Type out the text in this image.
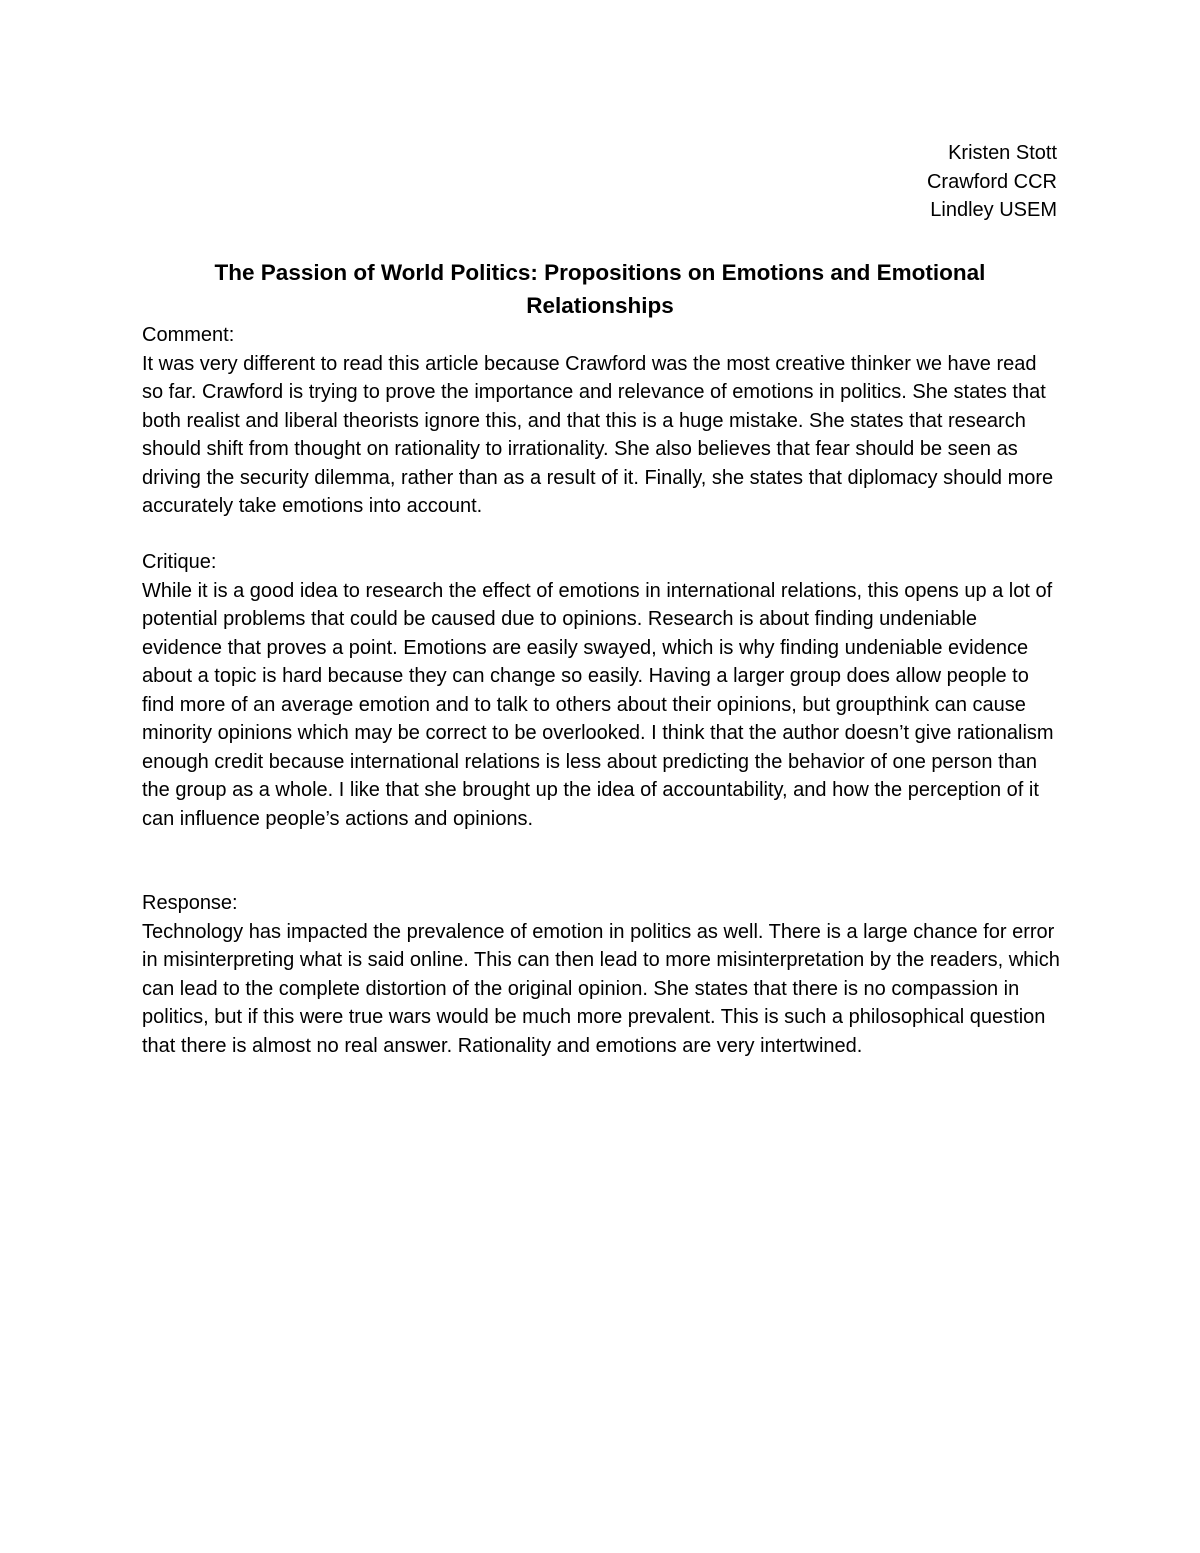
Kristen Stott
Crawford CCR
Lindley USEM
The Passion of World Politics: Propositions on Emotions and Emotional Relationships

Comment:

It was very different to read this article because Crawford was the most creative thinker we have read so far. Crawford is trying to prove the importance and relevance of emotions in politics. She states that both realist and liberal theorists ignore this, and that this is a huge mistake. She states that research should shift from thought on rationality to irrationality. She also believes that fear should be seen as driving the security dilemma, rather than as a result of it. Finally, she states that diplomacy should more accurately take emotions into account.

Critique:

While it is a good idea to research the effect of emotions in international relations, this opens up a lot of potential problems that could be caused due to opinions. Research is about finding undeniable evidence that proves a point. Emotions are easily swayed, which is why finding undeniable evidence about a topic is hard because they can change so easily. Having a larger group does allow people to find more of an average emotion and to talk to others about their opinions, but groupthink can cause minority opinions which may be correct to be overlooked. I think that the author doesn’t give rationalism enough credit because international relations is less about predicting the behavior of one person than the group as a whole. I like that she brought up the idea of accountability, and how the perception of it can influence people’s actions and opinions.

Response:

Technology has impacted the prevalence of emotion in politics as well. There is a large chance for error in misinterpreting what is said online. This can then lead to more misinterpretation by the readers, which can lead to the complete distortion of the original opinion. She states that there is no compassion in politics, but if this were true wars would be much more prevalent. This is such a philosophical question that there is almost no real answer. Rationality and emotions are very intertwined.
